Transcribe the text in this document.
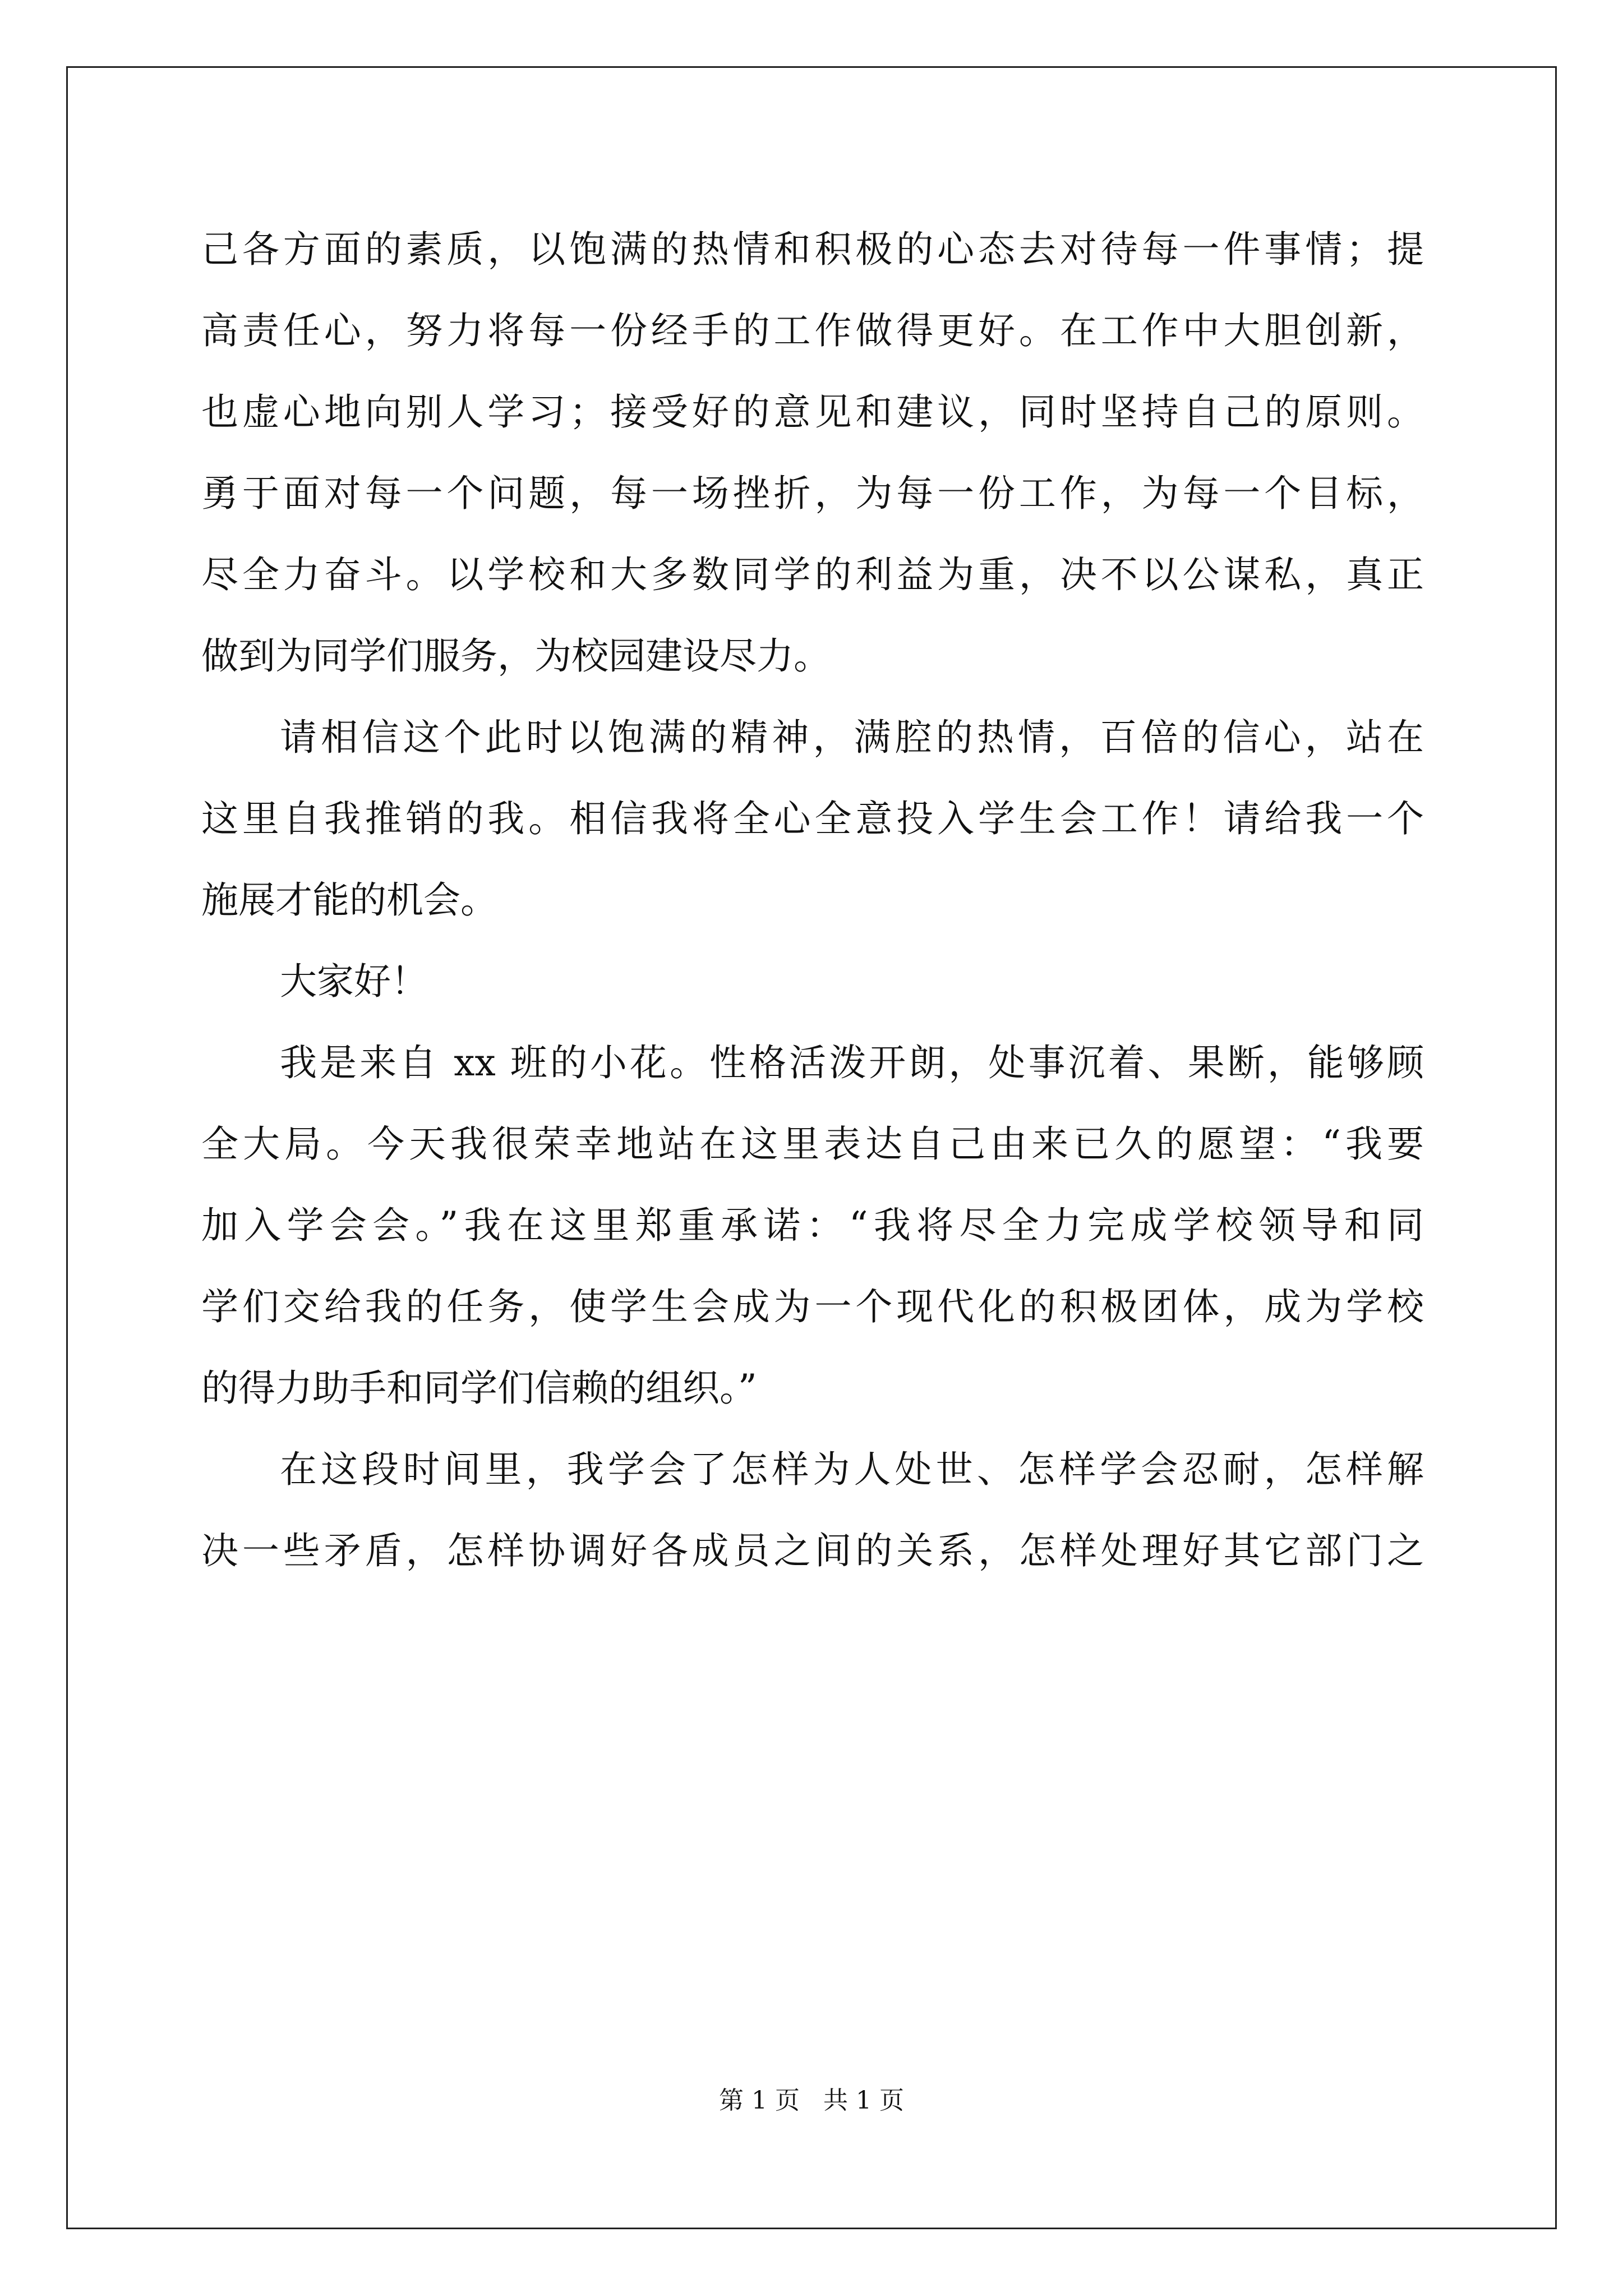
己各方面的素质，以饱满的热情和积极的心态去对待每一件事情；提
高责任心，努力将每一份经手的工作做得更好。在工作中大胆创新，
也虚心地向别人学习；接受好的意见和建议，同时坚持自己的原则。
勇于面对每一个问题，每一场挫折，为每一份工作，为每一个目标，
尽全力奋斗。以学校和大多数同学的利益为重，决不以公谋私，真正
做到为同学们服务，为校园建设尽力。
请相信这个此时以饱满的精神，满腔的热情，百倍的信心，站在
这里自我推销的我。相信我将全心全意投入学生会工作！请给我一个
施展才能的机会。
大家好！
我是来自 xx 班的小花。性格活泼开朗，处事沉着、果断，能够顾
全大局。今天我很荣幸地站在这里表达自己由来已久的愿望：“我要
加入学会会。”我在这里郑重承诺：“我将尽全力完成学校领导和同
学们交给我的任务，使学生会成为一个现代化的积极团体，成为学校
的得力助手和同学们信赖的组织。”
在这段时间里，我学会了怎样为人处世、怎样学会忍耐，怎样解
决一些矛盾，怎样协调好各成员之间的关系，怎样处理好其它部门之
第 1 页   共 1 页
